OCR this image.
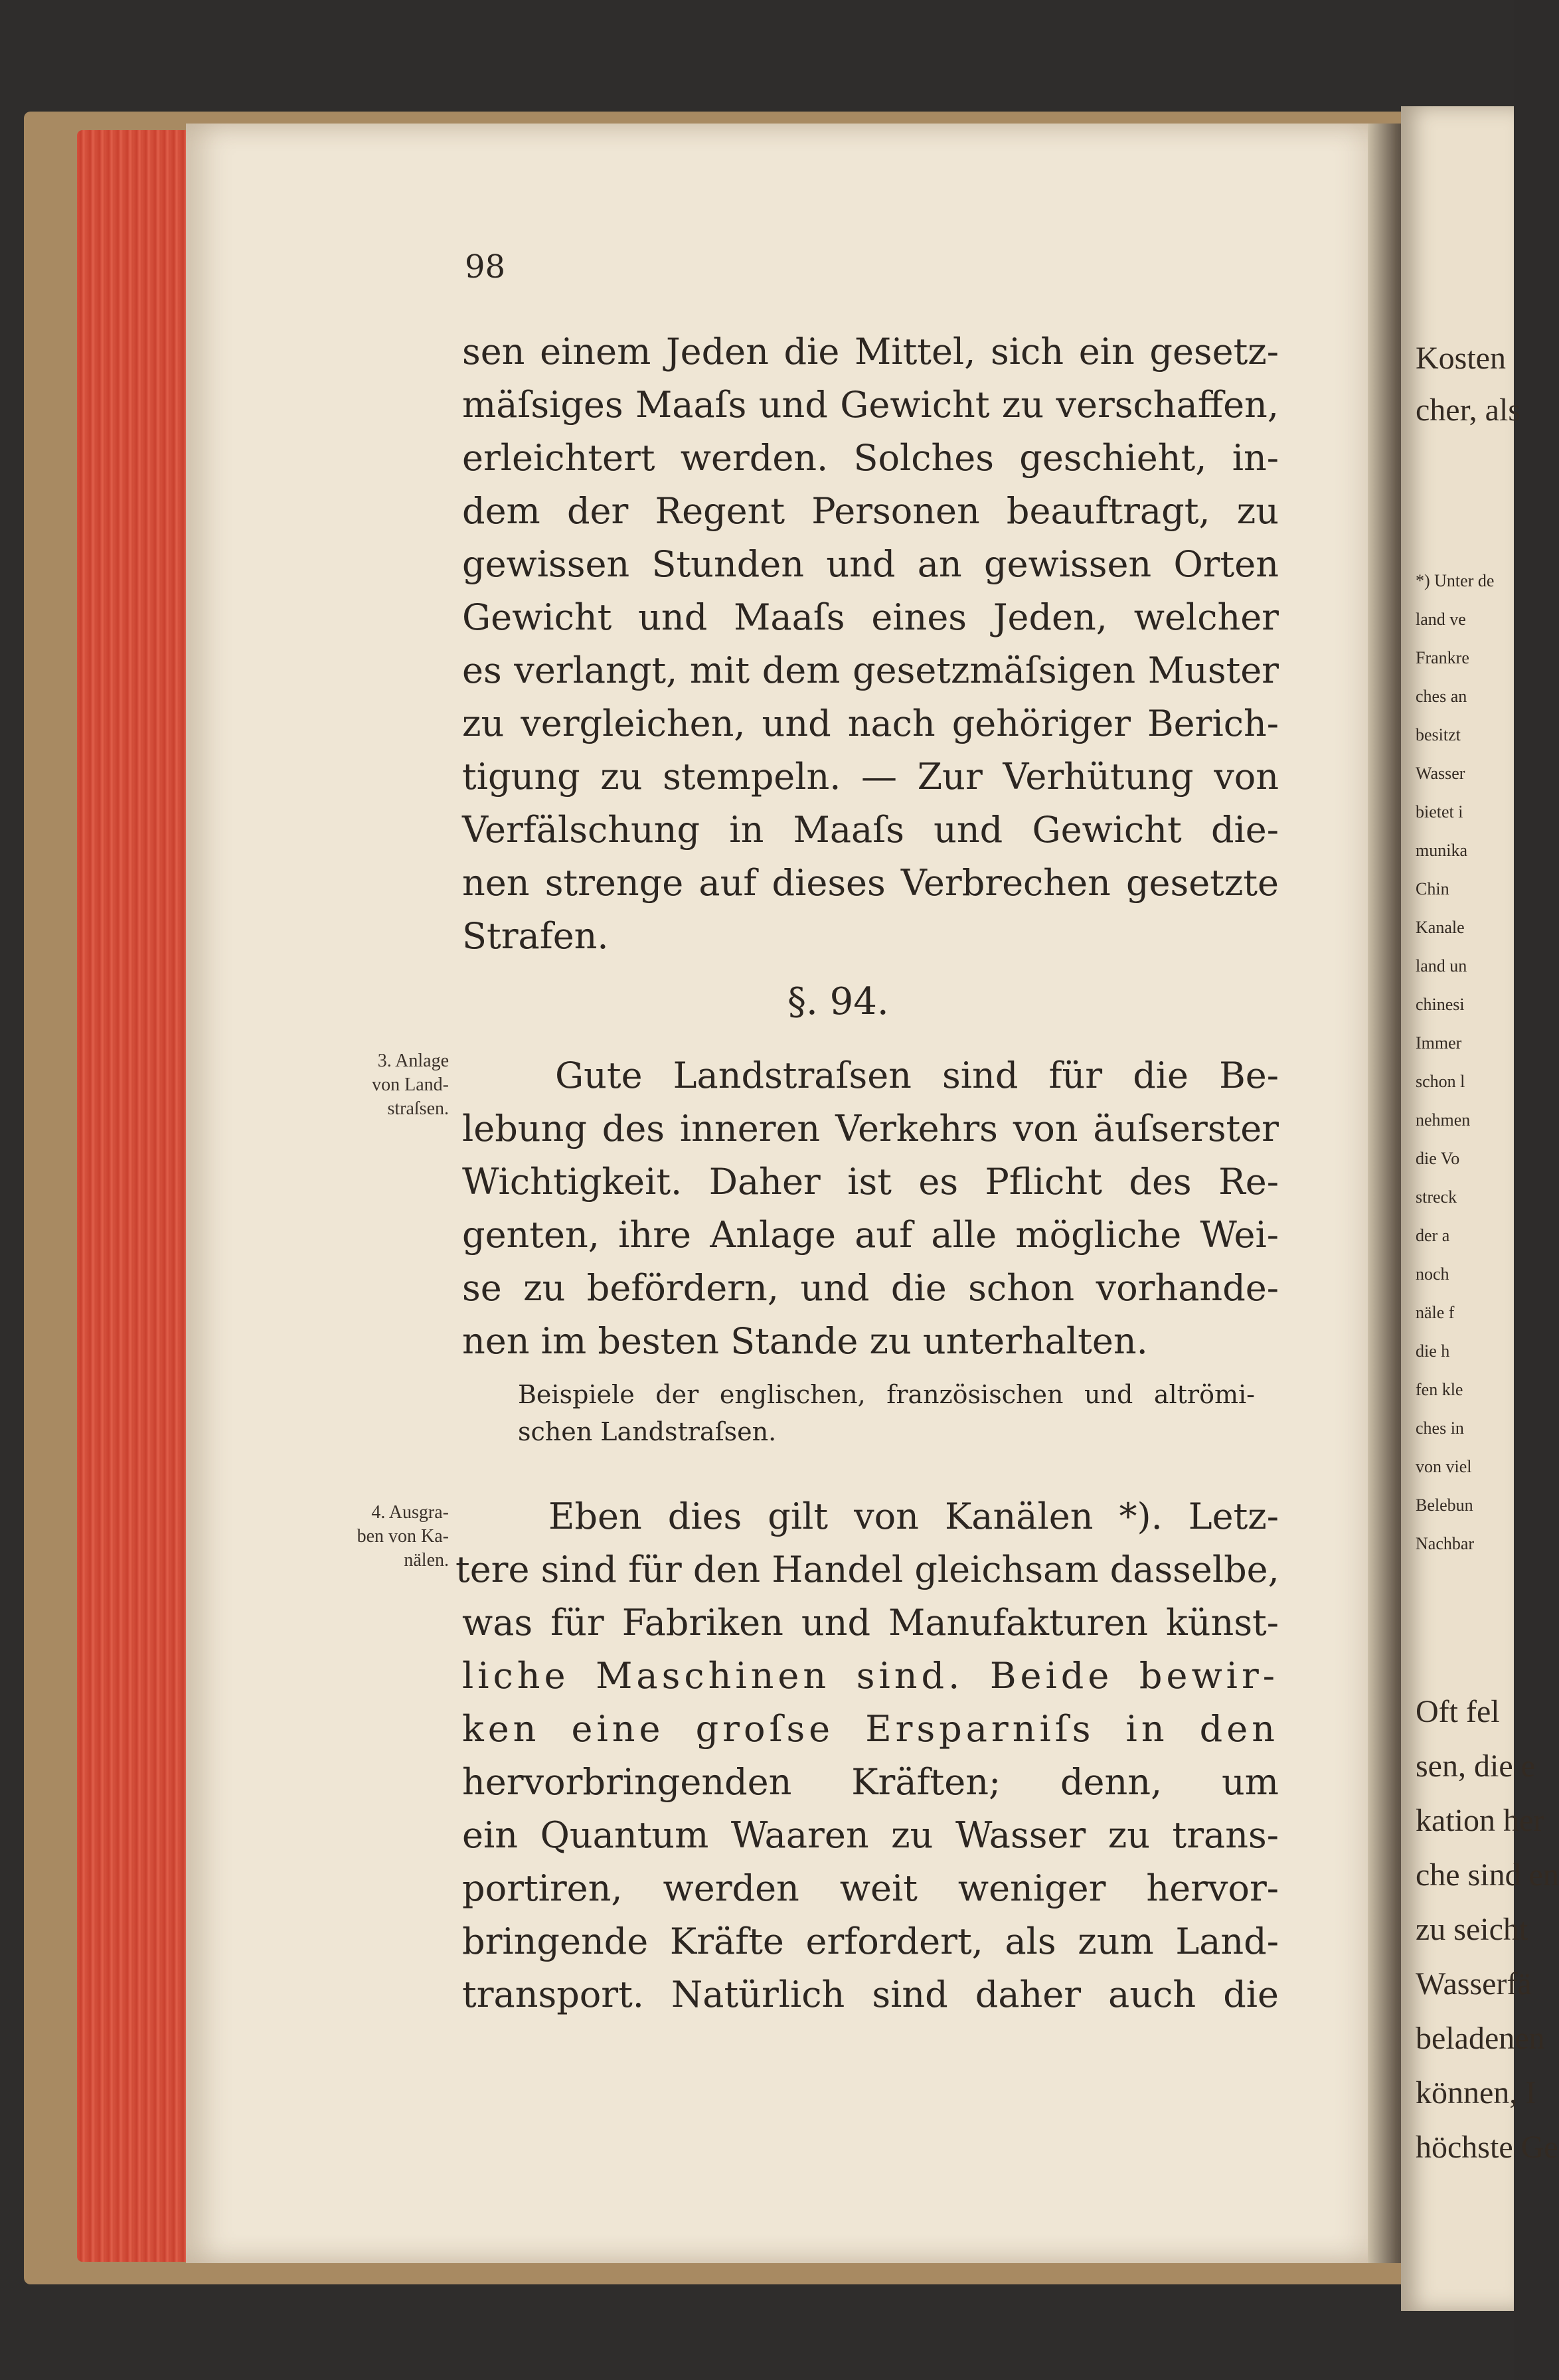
Kosten
cher, als
*) Unter de
land ve
Frankre
ches an
besitzt
Wasser
bietet i
munika
Chin
Kanale
land un
chinesi
Immer
schon l
nehmen
die Vo
streck
der a
noch
näle f
die h
fen kle
ches in
von viel
Belebun
Nachbar
Oft fel
sen, die e
kation her
che sind en
zu seicht
Wasserfä
beladenen
können, I
höchste Ge
98
sen einem Jeden die Mittel, sich ein gesetz-
mäſsiges Maaſs und Gewicht zu verschaffen,
erleichtert werden. Solches geschieht, in-
dem der Regent Personen beauftragt, zu
gewissen Stunden und an gewissen Orten
Gewicht und Maaſs eines Jeden, welcher
es verlangt, mit dem gesetzmäſsigen Muster
zu vergleichen, und nach gehöriger Berich-
tigung zu stempeln. — Zur Verhütung von
Verfälschung in Maaſs und Gewicht die-
nen strenge auf dieses Verbrechen gesetzte
Strafen.
§. 94.
3. Anlage
von Land-
straſsen.
Gute Landstraſsen sind für die Be-
lebung des inneren Verkehrs von äuſserster
Wichtigkeit. Daher ist es Pflicht des Re-
genten, ihre Anlage auf alle mögliche Wei-
se zu befördern, und die schon vorhande-
nen im besten Stande zu unterhalten.
Beispiele der englischen, französischen und altrömi-
schen Landstraſsen.
4. Ausgra-
ben von Ka-
nälen.
Eben dies gilt von Kanälen *). Letz-
tere sind für den Handel gleichsam dasselbe,
was für Fabriken und Manufakturen künst-
liche Maschinen sind. Beide bewir-
ken eine groſse Ersparniſs in den
hervorbringenden Kräften; denn, um
ein Quantum Waaren zu Wasser zu trans-
portiren, werden weit weniger hervor-
bringende Kräfte erfordert, als zum Land-
transport. Natürlich sind daher auch die
